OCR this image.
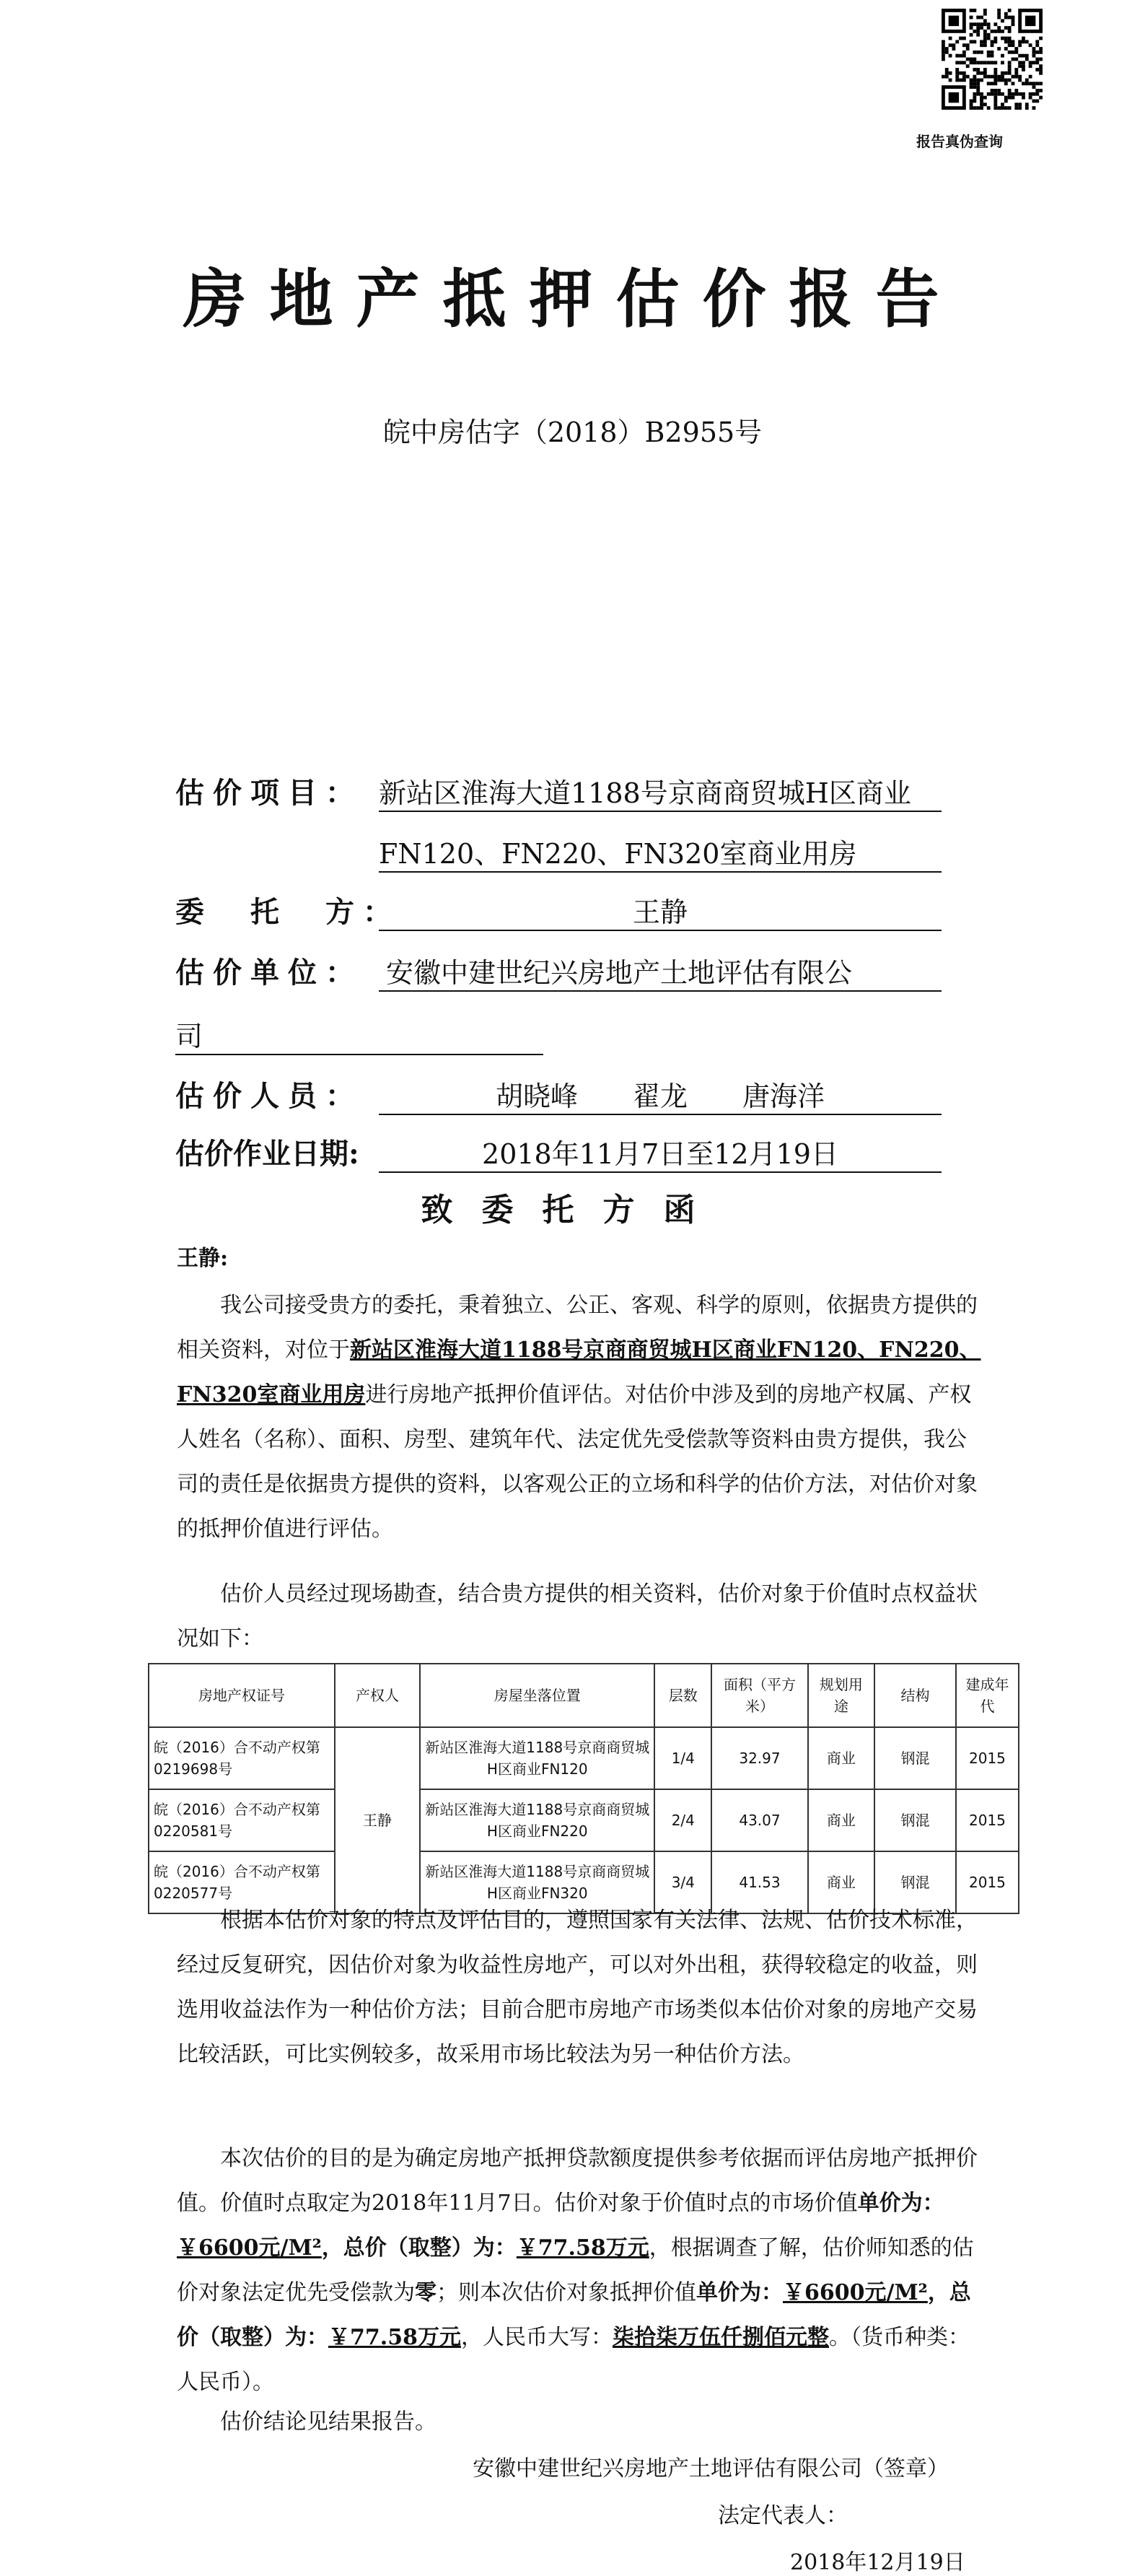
报告真伪查询
房地产抵押估价报告
皖中房估字（2018）B2955号
估价项目： 新站区淮海大道1188号京商商贸城H区商业
FN120、FN220、FN320室商业用房
委　托　方：	王静
估价单位： 安徽中建世纪兴房地产土地评估有限公
司
估价人员：	胡晓峰　　翟龙　　唐海洋
估价作业日期:	2018年11月7日至12月19日
致委托方函
王静:
我公司接受贵方的委托，秉着独立、公正、客观、科学的原则，依据贵方提供的相关资料，对位于新站区淮海大道1188号京商商贸城H区商业FN120、FN220、FN320室商业用房进行房地产抵押价值评估。对估价中涉及到的房地产权属、产权人姓名（名称）、面积、房型、建筑年代、法定优先受偿款等资料由贵方提供，我公司的责任是依据贵方提供的资料，以客观公正的立场和科学的估价方法，对估价对象的抵押价值进行评估。
估价人员经过现场勘查，结合贵方提供的相关资料，估价对象于价值时点权益状况如下：
房地产权证号	产权人	房屋坐落位置	层数	面积（平方米）	规划用途	结构	建成年代
皖（2016）合不动产权第0219698号	王静	新站区淮海大道1188号京商商贸城H区商业FN120	1/4	32.97	商业	钢混	2015
皖（2016）合不动产权第0220581号		新站区淮海大道1188号京商商贸城H区商业FN220	2/4	43.07	商业	钢混	2015
皖（2016）合不动产权第0220577号		新站区淮海大道1188号京商商贸城H区商业FN320	3/4	41.53	商业	钢混	2015
根据本估价对象的特点及评估目的，遵照国家有关法律、法规、估价技术标准，经过反复研究，因估价对象为收益性房地产，可以对外出租，获得较稳定的收益，则选用收益法作为一种估价方法；目前合肥市房地产市场类似本估价对象的房地产交易比较活跃，可比实例较多，故采用市场比较法为另一种估价方法。
本次估价的目的是为确定房地产抵押贷款额度提供参考依据而评估房地产抵押价值。价值时点取定为2018年11月7日。估价对象于价值时点的市场价值单价为：￥6600元/M²，总价（取整）为：￥77.58万元，根据调查了解，估价师知悉的估价对象法定优先受偿款为零；则本次估价对象抵押价值单价为：￥6600元/M²，总价（取整）为：￥77.58万元，人民币大写：柒拾柒万伍仟捌佰元整。（货币种类：人民币）。
估价结论见结果报告。
安徽中建世纪兴房地产土地评估有限公司（签章）
法定代表人：
2018年12月19日
